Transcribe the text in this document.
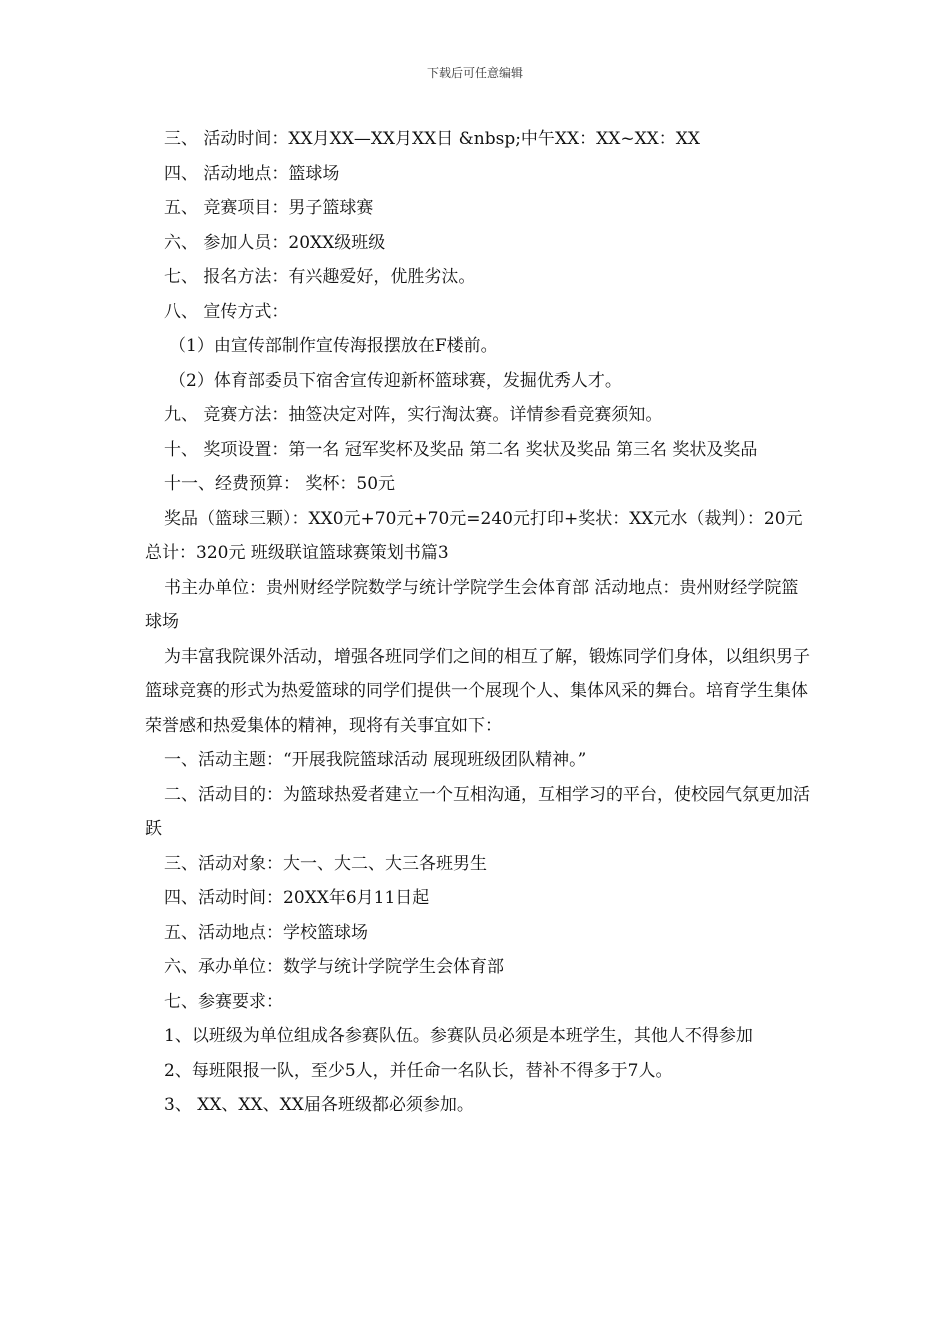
下载后可任意编辑

三、 活动时间：XX月XX—XX月XX日 &nbsp;中午XX：XX~XX：XX

四、 活动地点：篮球场

五、 竞赛项目：男子篮球赛

六、 参加人员：20XX级班级

七、 报名方法：有兴趣爱好，优胜劣汰。

八、 宣传方式：

（1）由宣传部制作宣传海报摆放在F楼前。

（2）体育部委员下宿舍宣传迎新杯篮球赛，发掘优秀人才。

九、 竞赛方法：抽签决定对阵，实行淘汰赛。详情参看竞赛须知。

十、 奖项设置：第一名 冠军奖杯及奖品 第二名 奖状及奖品 第三名 奖状及奖品

十一、经费预算： 奖杯：50元

奖品（篮球三颗）：XX0元+70元+70元=240元打印+奖状：XX元水（裁判）：20元总计：320元 班级联谊篮球赛策划书篇3

书主办单位：贵州财经学院数学与统计学院学生会体育部 活动地点：贵州财经学院篮球场

为丰富我院课外活动，增强各班同学们之间的相互了解，锻炼同学们身体，以组织男子篮球竞赛的形式为热爱篮球的同学们提供一个展现个人、集体风采的舞台。培育学生集体荣誉感和热爱集体的精神，现将有关事宜如下：

一、活动主题：“开展我院篮球活动 展现班级团队精神。”

二、活动目的：为篮球热爱者建立一个互相沟通，互相学习的平台，使校园气氛更加活跃

三、活动对象：大一、大二、大三各班男生

四、活动时间：20XX年6月11日起

五、活动地点：学校篮球场

六、承办单位：数学与统计学院学生会体育部

七、参赛要求：

1、以班级为单位组成各参赛队伍。参赛队员必须是本班学生，其他人不得参加

2、每班限报一队，至少5人，并任命一名队长，替补不得多于7人。

3、 XX、XX、XX届各班级都必须参加。
